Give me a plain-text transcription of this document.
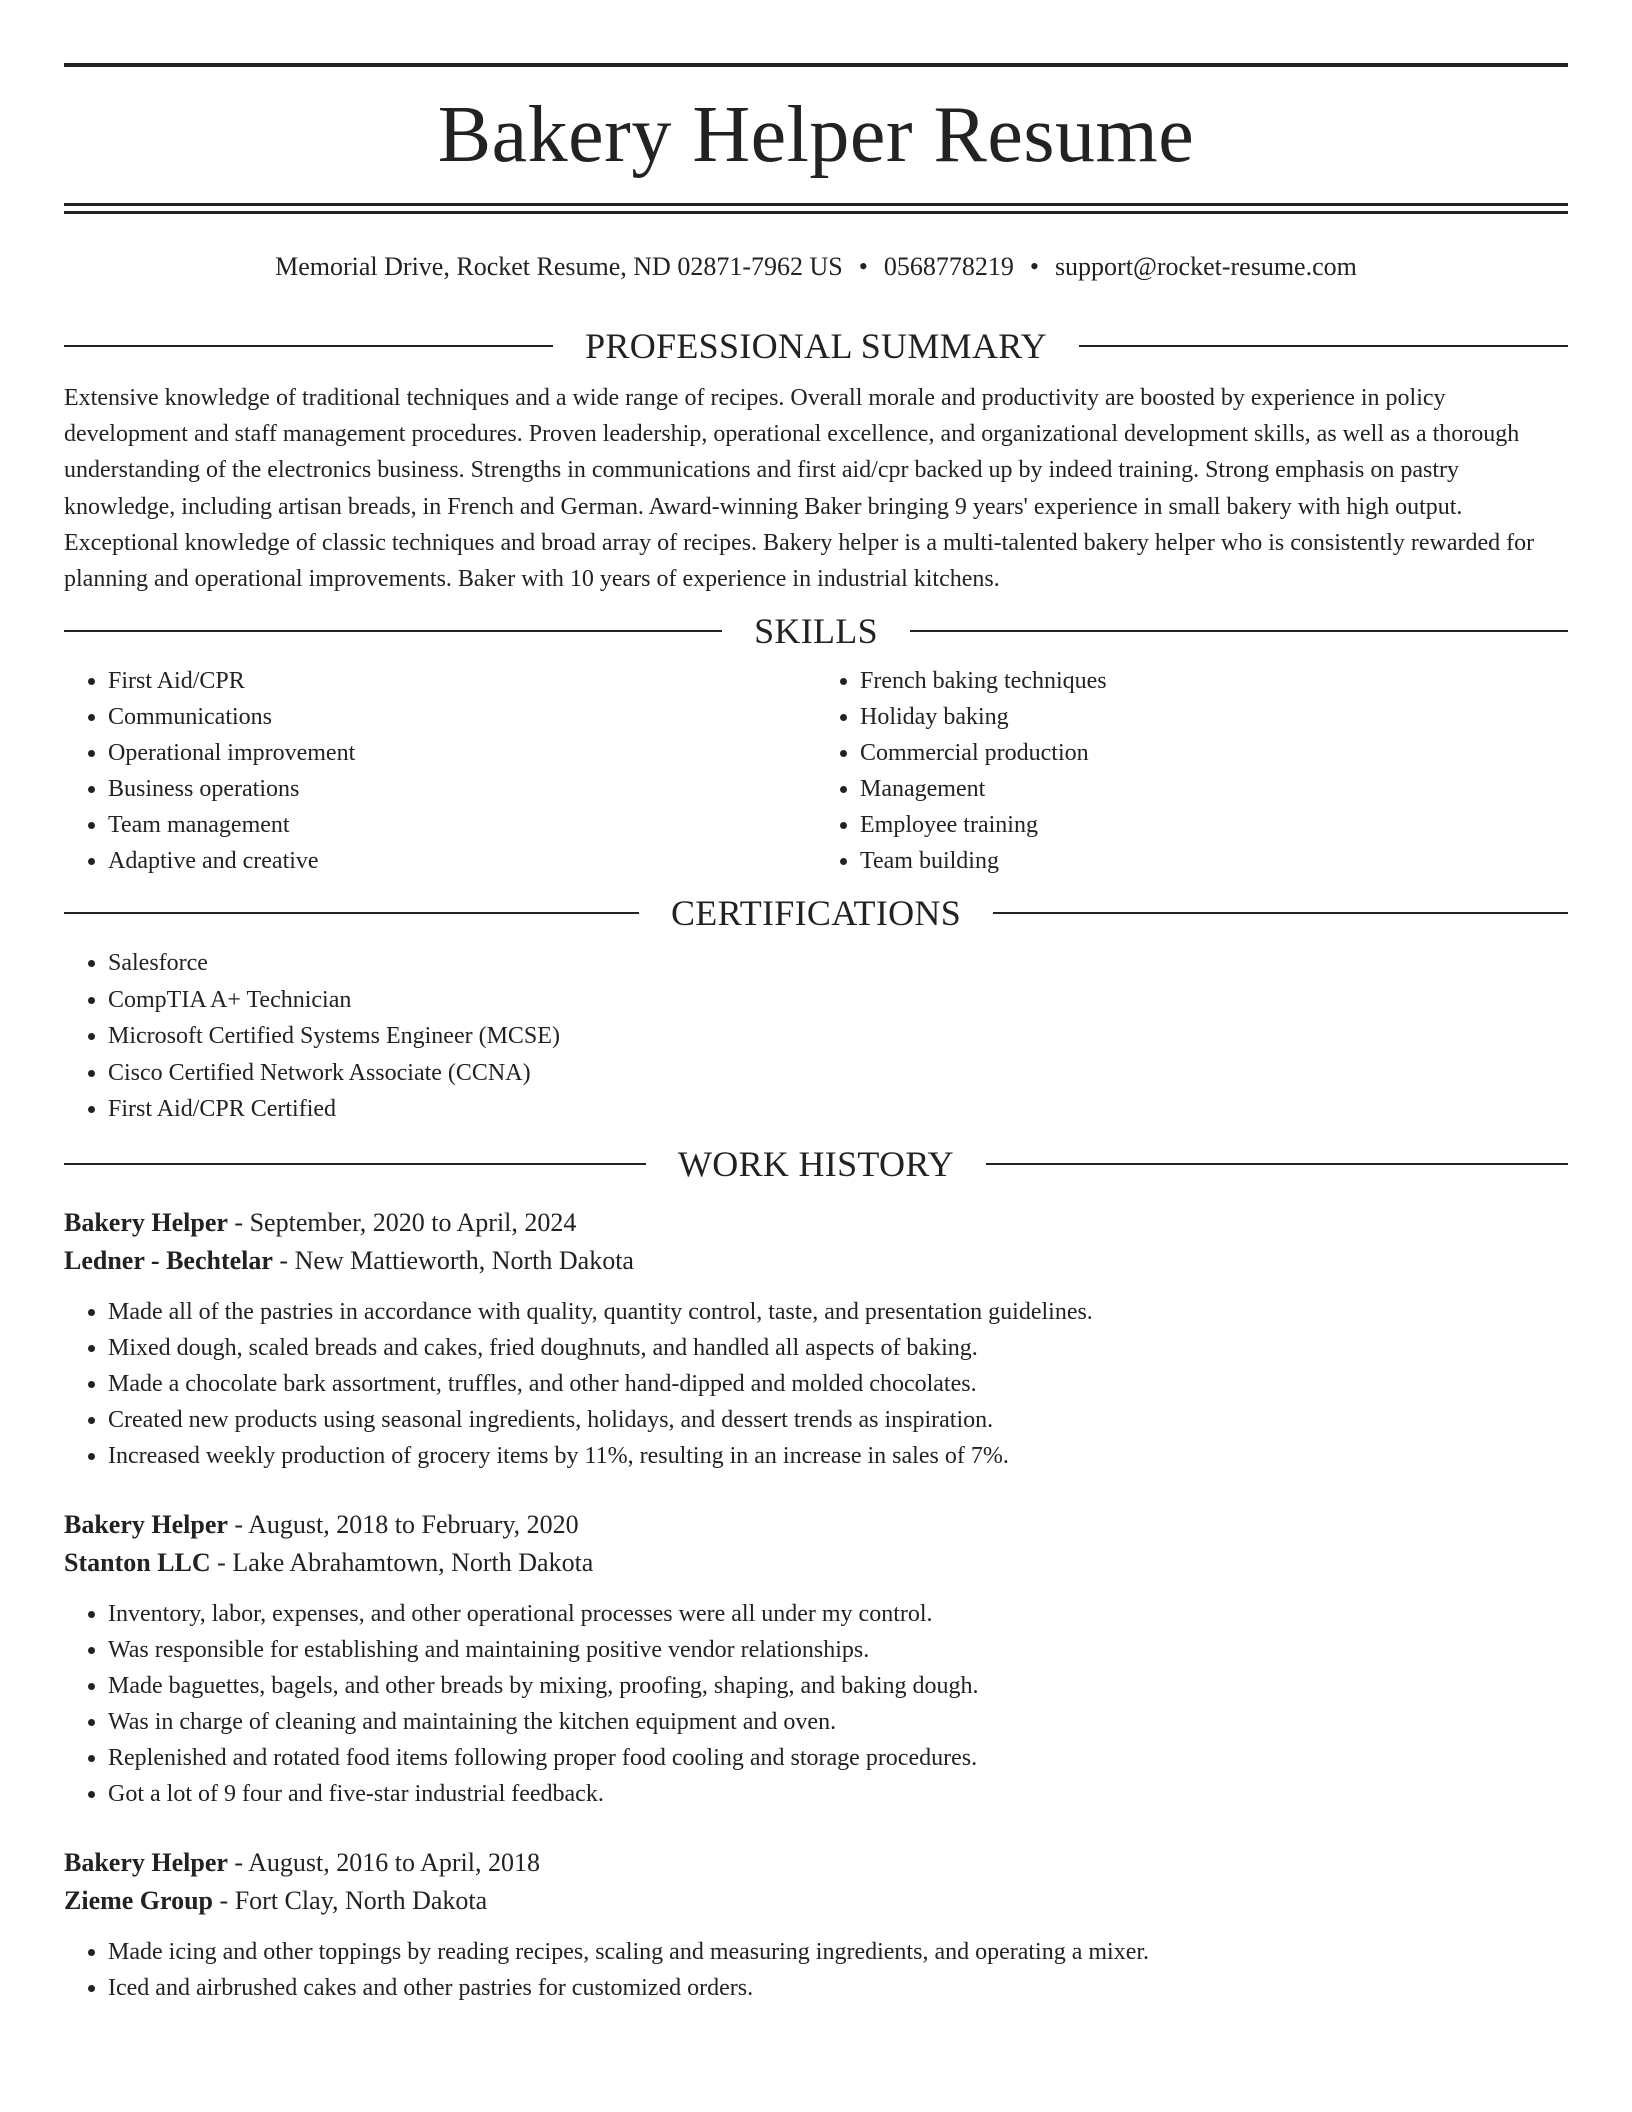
Bakery Helper Resume
Memorial Drive, Rocket Resume, ND 02871-7962 US • 0568778219 • support@rocket-resume.com
PROFESSIONAL SUMMARY

Extensive knowledge of traditional techniques and a wide range of recipes. Overall morale and productivity are boosted by experience in policy development and staff management procedures. Proven leadership, operational excellence, and organizational development skills, as well as a thorough understanding of the electronics business. Strengths in communications and first aid/cpr backed up by indeed training. Strong emphasis on pastry knowledge, including artisan breads, in French and German. Award-winning Baker bringing 9 years' experience in small bakery with high output. Exceptional knowledge of classic techniques and broad array of recipes. Bakery helper is a multi-talented bakery helper who is consistently rewarded for planning and operational improvements. Baker with 10 years of experience in industrial kitchens.

SKILLS
• First Aid/CPR
• Communications
• Operational improvement
• Business operations
• Team management
• Adaptive and creative
• French baking techniques
• Holiday baking
• Commercial production
• Management
• Employee training
• Team building
CERTIFICATIONS
• Salesforce
• CompTIA A+ Technician
• Microsoft Certified Systems Engineer (MCSE)
• Cisco Certified Network Associate (CCNA)
• First Aid/CPR Certified
WORK HISTORY
Bakery Helper - September, 2020 to April, 2024
Ledner - Bechtelar - New Mattieworth, North Dakota
• Made all of the pastries in accordance with quality, quantity control, taste, and presentation guidelines.
• Mixed dough, scaled breads and cakes, fried doughnuts, and handled all aspects of baking.
• Made a chocolate bark assortment, truffles, and other hand-dipped and molded chocolates.
• Created new products using seasonal ingredients, holidays, and dessert trends as inspiration.
• Increased weekly production of grocery items by 11%, resulting in an increase in sales of 7%.
Bakery Helper - August, 2018 to February, 2020
Stanton LLC - Lake Abrahamtown, North Dakota
• Inventory, labor, expenses, and other operational processes were all under my control.
• Was responsible for establishing and maintaining positive vendor relationships.
• Made baguettes, bagels, and other breads by mixing, proofing, shaping, and baking dough.
• Was in charge of cleaning and maintaining the kitchen equipment and oven.
• Replenished and rotated food items following proper food cooling and storage procedures.
• Got a lot of 9 four and five-star industrial feedback.
Bakery Helper - August, 2016 to April, 2018
Zieme Group - Fort Clay, North Dakota
• Made icing and other toppings by reading recipes, scaling and measuring ingredients, and operating a mixer.
• Iced and airbrushed cakes and other pastries for customized orders.
